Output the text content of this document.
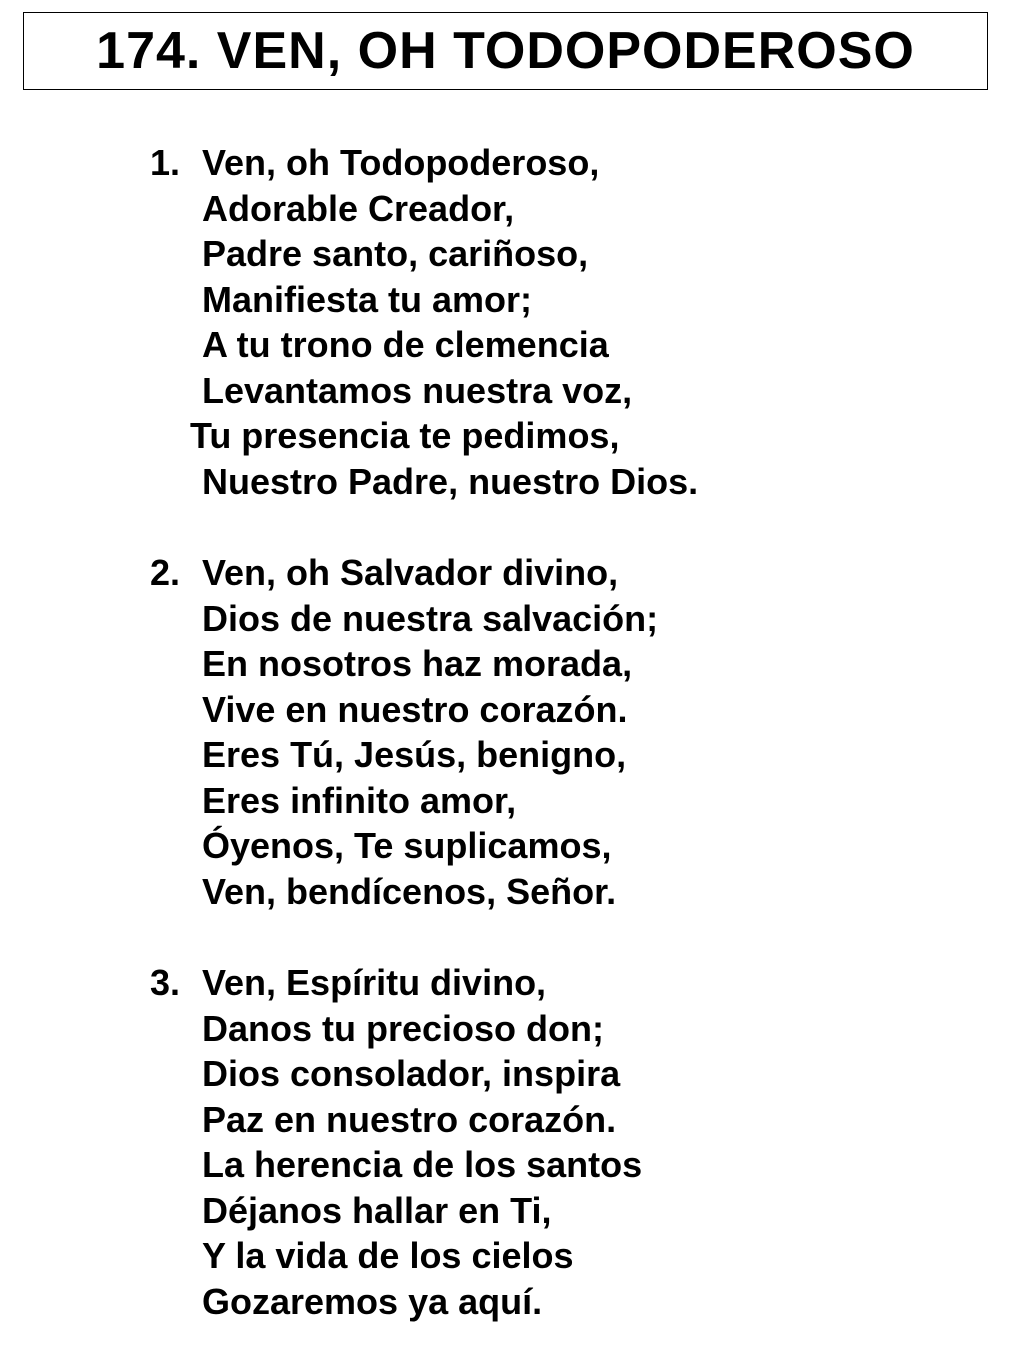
174. VEN, OH TODOPODEROSO
1. Ven, oh Todopoderoso,
Adorable Creador,
Padre santo, cariñoso,
Manifiesta tu amor;
A tu trono de clemencia
Levantamos nuestra voz,
Tu presencia te pedimos,
Nuestro Padre, nuestro Dios.
2. Ven, oh Salvador divino,
Dios de nuestra salvación;
En nosotros haz morada,
Vive en nuestro corazón.
Eres Tú, Jesús, benigno,
Eres infinito amor,
Óyenos, Te suplicamos,
Ven, bendícenos, Señor.
3. Ven, Espíritu divino,
Danos tu precioso don;
Dios consolador, inspira
Paz en nuestro corazón.
La herencia de los santos
Déjanos hallar en Ti,
Y la vida de los cielos
Gozaremos ya aquí.
